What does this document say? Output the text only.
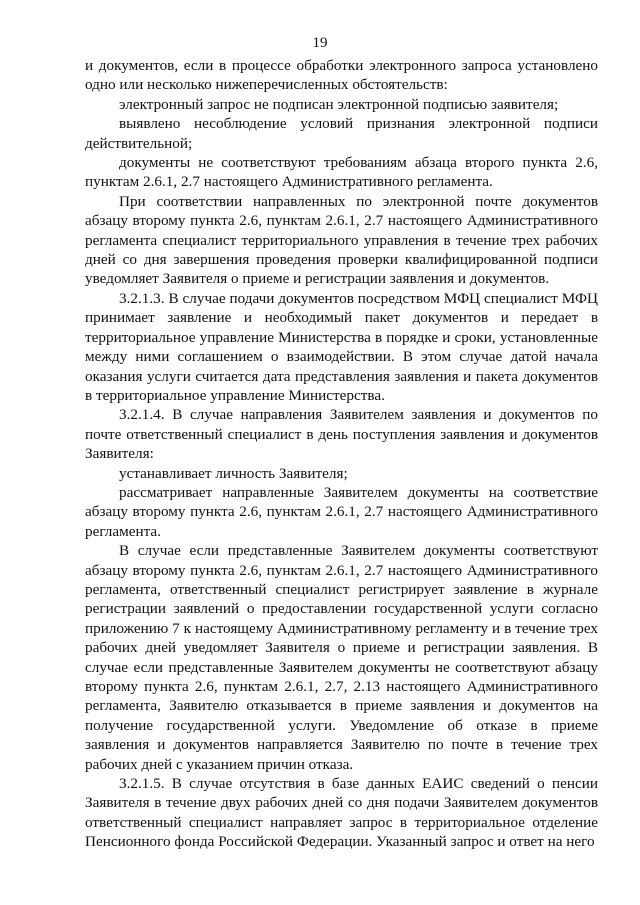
19

и документов, если в процессе обработки электронного запроса установлено одно или несколько нижеперечисленных обстоятельств:

электронный запрос не подписан электронной подписью заявителя;

выявлено несоблюдение условий признания электронной подписи действительной;

документы не соответствуют требованиям абзаца второго пункта 2.6, пунктам 2.6.1, 2.7 настоящего Административного регламента.

При соответствии направленных по электронной почте документов абзацу второму пункта 2.6, пунктам 2.6.1, 2.7 настоящего Административного регламента специалист территориального управления в течение трех рабочих дней со дня завершения проведения проверки квалифицированной подписи уведомляет Заявителя о приеме и регистрации заявления и документов.

3.2.1.3. В случае подачи документов посредством МФЦ специалист МФЦ принимает заявление и необходимый пакет документов и передает в территориальное управление Министерства в порядке и сроки, установленные между ними соглашением о взаимодействии. В этом случае датой начала оказания услуги считается дата представления заявления и пакета документов в территориальное управление Министерства.

3.2.1.4. В случае направления Заявителем заявления и документов по почте ответственный специалист в день поступления заявления и документов Заявителя:

устанавливает личность Заявителя;

рассматривает направленные Заявителем документы на соответствие абзацу второму пункта 2.6, пунктам 2.6.1, 2.7 настоящего Административного регламента.

В случае если представленные Заявителем документы соответствуют абзацу второму пункта 2.6, пунктам 2.6.1, 2.7 настоящего Административного регламента, ответственный специалист регистрирует заявление в журнале регистрации заявлений о предоставлении государственной услуги согласно приложению 7 к настоящему Административному регламенту и в течение трех рабочих дней уведомляет Заявителя о приеме и регистрации заявления. В случае если представленные Заявителем документы не соответствуют абзацу второму пункта 2.6, пунктам 2.6.1, 2.7, 2.13 настоящего Административного регламента, Заявителю отказывается в приеме заявления и документов на получение государственной услуги. Уведомление об отказе в приеме заявления и документов направляется Заявителю по почте в течение трех рабочих дней с указанием причин отказа.

3.2.1.5. В случае отсутствия в базе данных ЕАИС сведений о пенсии Заявителя в течение двух рабочих дней со дня подачи Заявителем документов ответственный специалист направляет запрос в территориальное отделение Пенсионного фонда Российской Федерации. Указанный запрос и ответ на него
